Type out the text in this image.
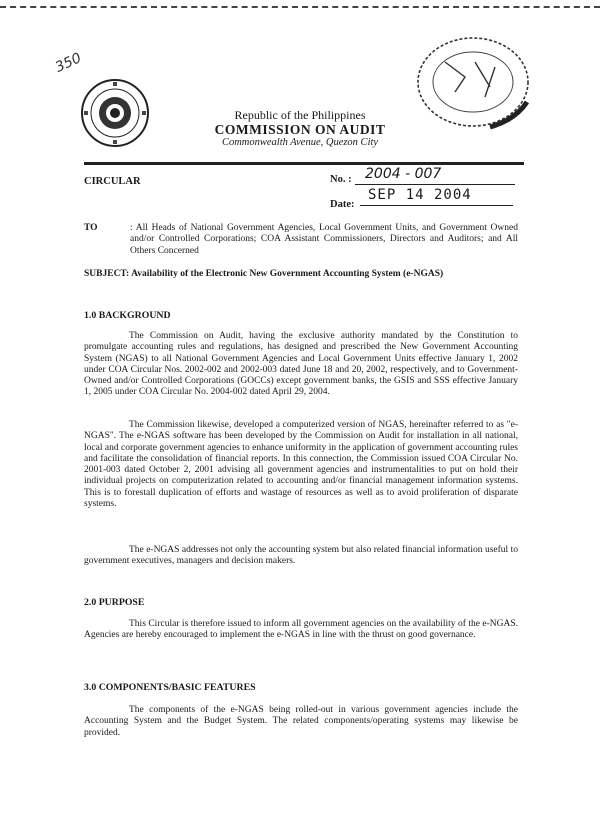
350
Republic of the Philippines
COMMISSION ON AUDIT
Commonwealth Avenue, Quezon City
CIRCULAR	No. : 2004 - 007
Date:
SEP 14 2004
TO	: All Heads of National Government Agencies, Local Government Units, and Government Owned and/or Controlled Corporations; COA Assistant Commissioners, Directors and Auditors; and All Others Concerned
SUBJECT: Availability of the Electronic New Government Accounting System (e-NGAS)
1.0 BACKGROUND
The Commission on Audit, having the exclusive authority mandated by the Constitution to promulgate accounting rules and regulations, has designed and prescribed the New Government Accounting System (NGAS) to all National Government Agencies and Local Government Units effective January 1, 2002 under COA Circular Nos. 2002-002 and 2002-003 dated June 18 and 20, 2002, respectively, and to Government-Owned and/or Controlled Corporations (GOCCs) except government banks, the GSIS and SSS effective January 1, 2005 under COA Circular No. 2004-002 dated April 29, 2004.
The Commission likewise, developed a computerized version of NGAS, hereinafter referred to as "e-NGAS". The e-NGAS software has been developed by the Commission on Audit for installation in all national, local and corporate government agencies to enhance uniformity in the application of government accounting rules and facilitate the consolidation of financial reports. In this connection, the Commission issued COA Circular No. 2001-003 dated October 2, 2001 advising all government agencies and instrumentalities to put on hold their individual projects on computerization related to accounting and/or financial management information systems. This is to forestall duplication of efforts and wastage of resources as well as to avoid proliferation of disparate systems.
The e-NGAS addresses not only the accounting system but also related financial information useful to government executives, managers and decision makers.
2.0 PURPOSE
This Circular is therefore issued to inform all government agencies on the availability of the e-NGAS. Agencies are hereby encouraged to implement the e-NGAS in line with the thrust on good governance.
3.0 COMPONENTS/BASIC FEATURES
The components of the e-NGAS being rolled-out in various government agencies include the Accounting System and the Budget System. The related components/operating systems may likewise be provided.
